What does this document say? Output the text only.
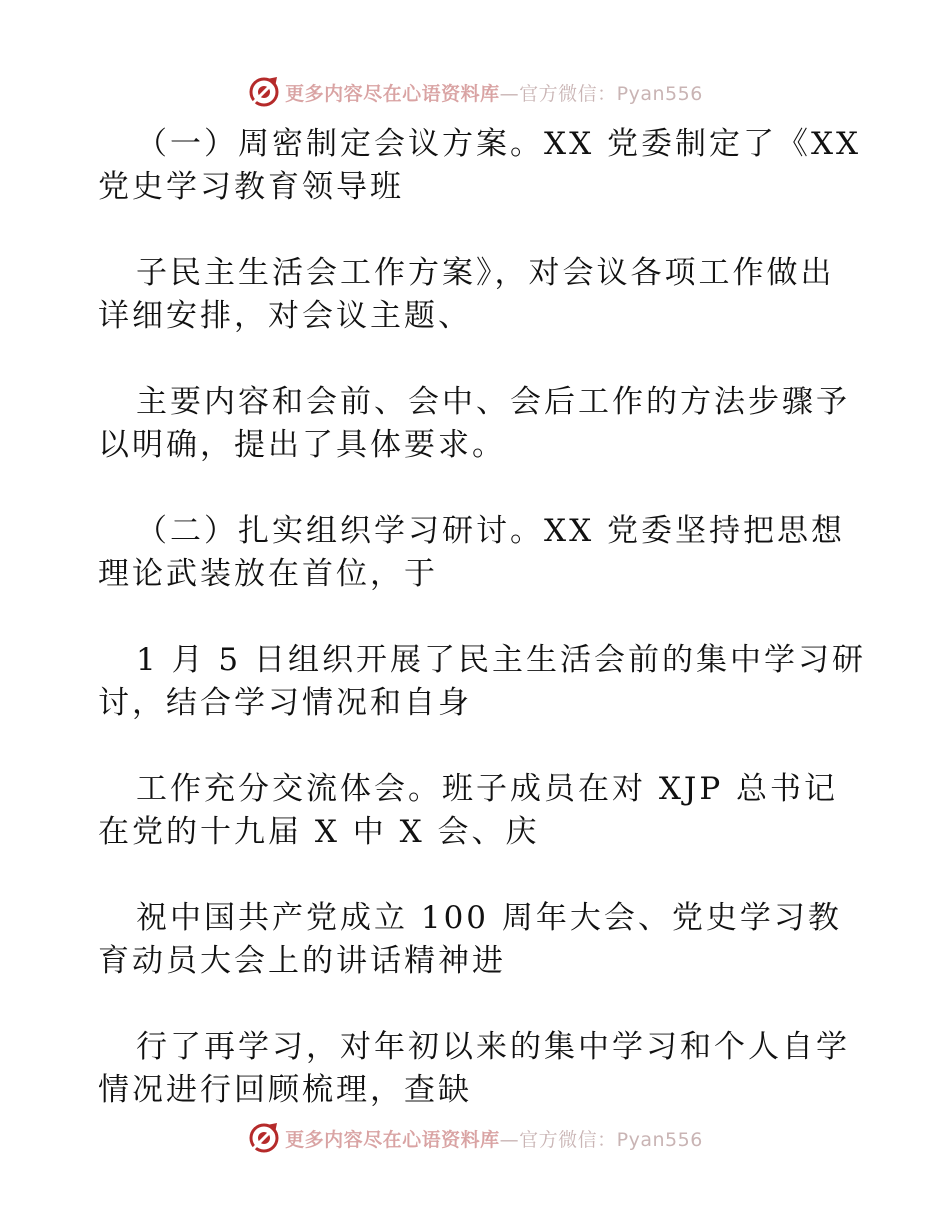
更多内容尽在心语资料库—官方微信：Pyan556
（一）周密制定会议方案。XX 党委制定了《XX
党史学习教育领导班
子民主生活会工作方案》，对会议各项工作做出
详细安排，对会议主题、
主要内容和会前、会中、会后工作的方法步骤予
以明确，提出了具体要求。
（二）扎实组织学习研讨。XX 党委坚持把思想
理论武装放在首位，于
1 月 5 日组织开展了民主生活会前的集中学习研
讨，结合学习情况和自身
工作充分交流体会。班子成员在对 XJP 总书记
在党的十九届 X 中 X 会、庆
祝中国共产党成立 100 周年大会、党史学习教
育动员大会上的讲话精神进
行了再学习，对年初以来的集中学习和个人自学
情况进行回顾梳理，查缺
更多内容尽在心语资料库—官方微信：Pyan556
